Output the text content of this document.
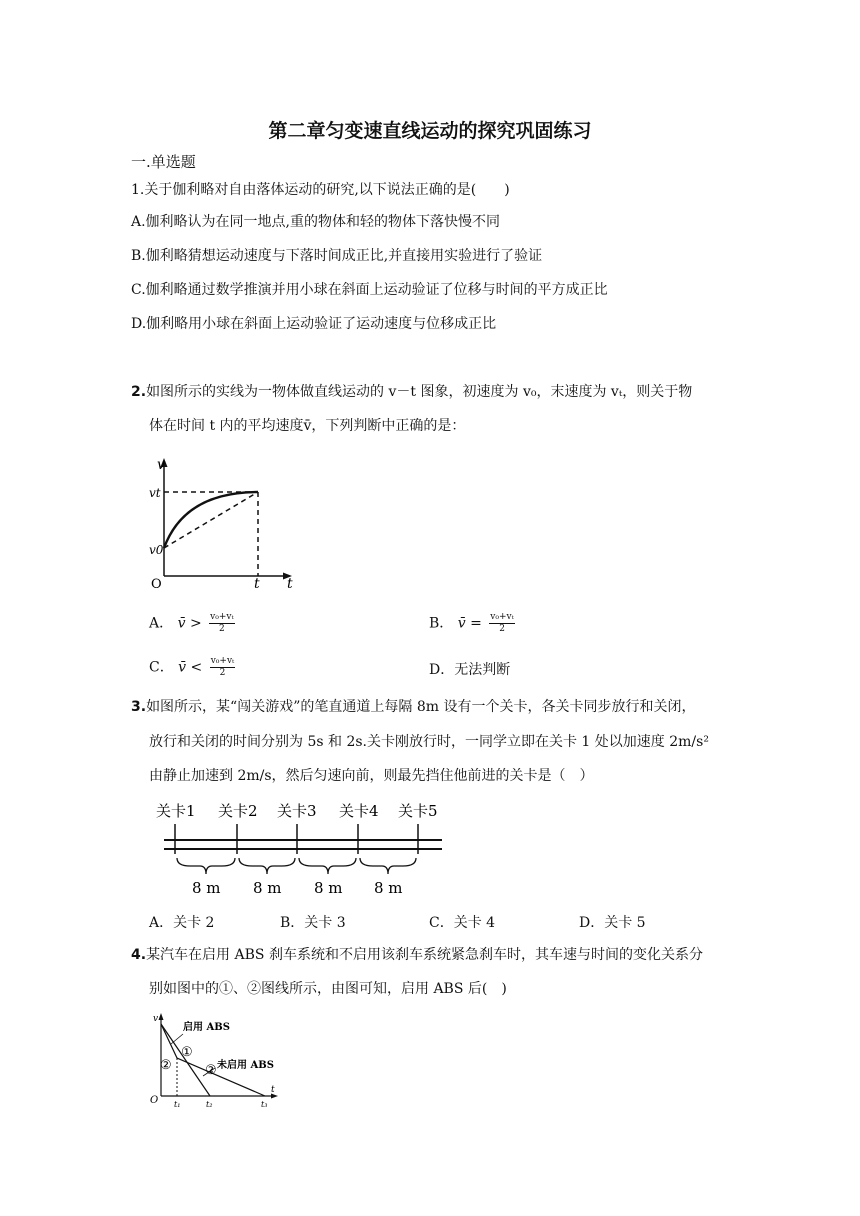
第二章匀变速直线运动的探究巩固练习
一.单选题
1.关于伽利略对自由落体运动的研究,以下说法正确的是(　　)
A.伽利略认为在同一地点,重的物体和轻的物体下落快慢不同
B.伽利略猜想运动速度与下落时间成正比,并直接用实验进行了验证
C.伽利略通过数学推演并用小球在斜面上运动验证了位移与时间的平方成正比
D.伽利略用小球在斜面上运动验证了运动速度与位移成正比
2.如图所示的实线为一物体做直线运动的 v－t 图象，初速度为 v₀，末速度为 vₜ，则关于物
体在时间 t 内的平均速度v̄，下列判断中正确的是：
v
t
O
vt
v0
t
A． v̄ > $\frac{\text{v₀+vₜ}}{2}$	B． v̄ = $\frac{\text{v₀+vₜ}}{2}$
C． v̄ < $\frac{\text{v₀+vₜ}}{2}$	D．无法判断
3.如图所示，某“闯关游戏”的笔直通道上每隔 8m 设有一个关卡，各关卡同步放行和关闭，
放行和关闭的时间分别为 5s 和 2s.关卡刚放行时，一同学立即在关卡 1 处以加速度 2m/s²
由静止加速到 2m/s，然后匀速向前，则最先挡住他前进的关卡是（　）
关卡1 关卡2 关卡3 关卡4 关卡5
8 m 8 m 8 m 8 m
A．关卡 2	B．关卡 3	C．关卡 4	D．关卡 5
4.某汽车在启用 ABS 刹车系统和不启用该刹车系统紧急刹车时，其车速与时间的变化关系分
别如图中的①、②图线所示，由图可知，启用 ABS 后(　)
v
t
O
启用 ABS
未启用 ABS
①
②	②
t₁	t₂	t₃
